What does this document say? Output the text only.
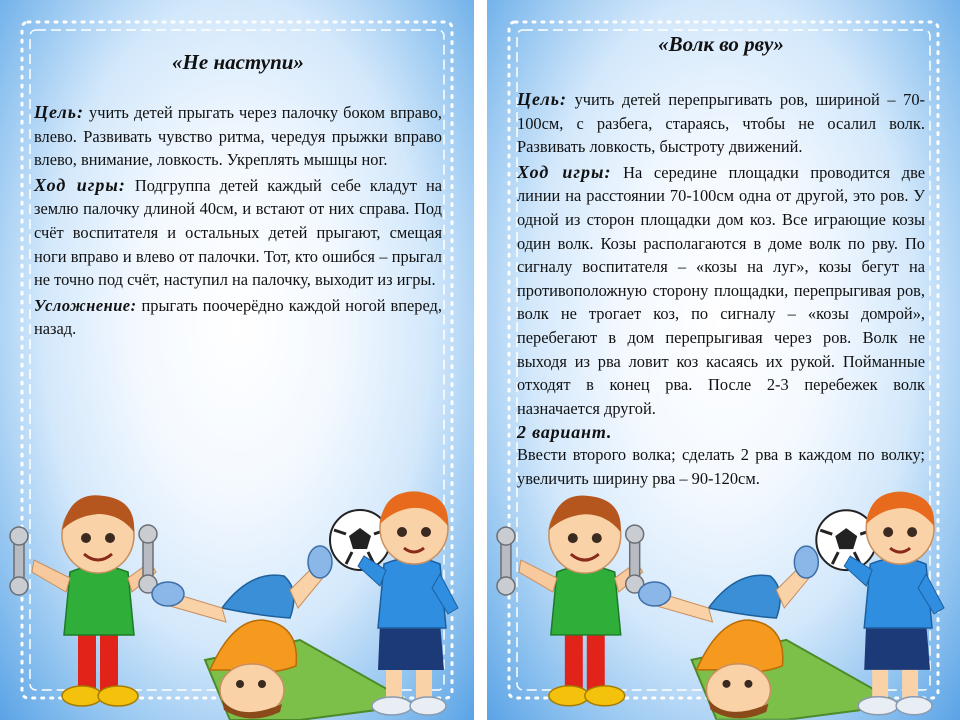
«Не наступи»

Цель: учить детей прыгать через палочку боком вправо, влево. Развивать чувство ритма, чередуя прыжки вправо влево, внимание, ловкость. Укреплять мышцы ног.

Ход игры: Подгруппа детей каждый себе кладут на землю палочку длиной 40см, и встают от них справа. Под счёт воспитателя и остальных детей прыгают, смещая ноги вправо и влево от палочки. Тот, кто ошибся – прыгал не точно под счёт, наступил на палочку, выходит из игры.

Усложнение: прыгать поочерёдно каждой ногой вперед, назад.

«Волк во рву»

Цель: учить детей перепрыгивать ров, шириной – 70-100см, с разбега, стараясь, чтобы не осалил волк. Развивать ловкость, быстроту движений.

Ход игры: На середине площадки проводится две линии на расстоянии 70-100см одна от другой, это ров. У одной из сторон площадки дом коз. Все играющие козы один волк. Козы располагаются в доме волк по рву. По сигналу воспитателя – «козы на луг», козы бегут на противоположную сторону площадки, перепрыгивая ров, волк не трогает коз, по сигналу – «козы домрой», перебегают в дом перепрыгивая через ров. Волк не выходя из рва ловит коз касаясь их рукой. Пойманные отходят в конец рва. После 2-3 перебежек волк назначается другой.

2 вариант.

Ввести второго волка; сделать 2 рва в каждом по волку; увеличить ширину рва – 90-120см.
